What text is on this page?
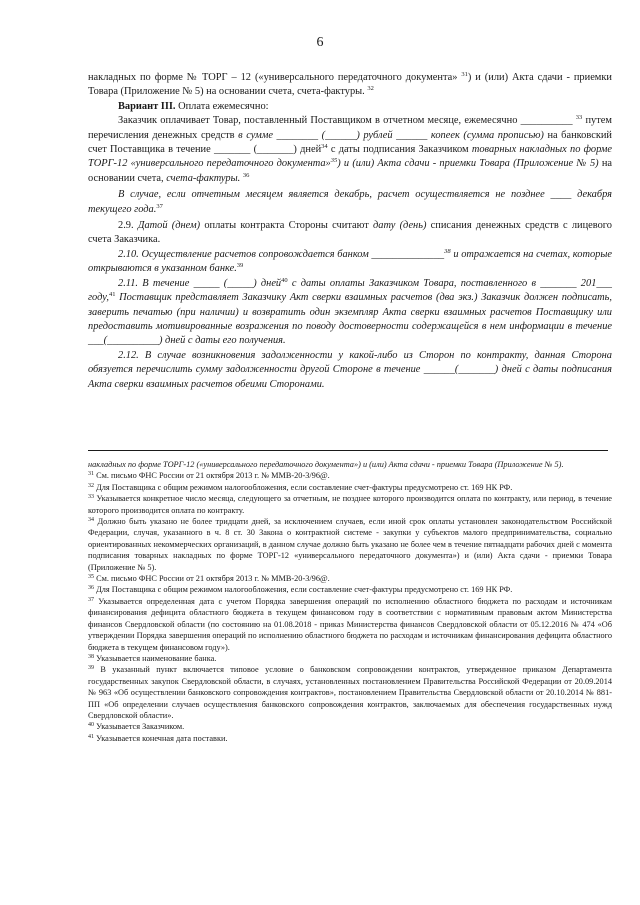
6

накладных по форме № ТОРГ – 12 («универсального передаточного документа» $^{31}$) и (или) Акта сдачи - приемки Товара (Приложение № 5) на основании счета, счета-фактуры. $^{32}$

Вариант III. Оплата ежемесячно:

Заказчик оплачивает Товар, поставленный Поставщиком в отчетном месяце, ежемесячно __________ $^{33}$ путем перечисления денежных средств в сумме ________ (______) рублей ______ копеек (сумма прописью) на банковский счет Поставщика в течение _______ (_______) дней$^{34}$ с даты подписания Заказчиком товарных накладных по форме ТОРГ-12 «универсального передаточного документа»$^{35}$) и (или) Акта сдачи - приемки Товара (Приложение № 5) на основании счета, счета-фактуры. $^{36}$

В случае, если отчетным месяцем является декабрь, расчет осуществляется не позднее ____ декабря текущего года.$^{37}$

2.9. Датой (днем) оплаты контракта Стороны считают дату (день) списания денежных средств с лицевого счета Заказчика.

2.10. Осуществление расчетов сопровождается банком ______________$^{38}$ и отражается на счетах, которые открываются в указанном банке.$^{39}$

2.11. В течение _____ (_____) дней$^{40}$ с даты оплаты Заказчиком Товара, поставленного в _______ 201___ году,$^{41}$ Поставщик представляет Заказчику Акт сверки взаимных расчетов (два экз.) Заказчик должен подписать, заверить печатью (при наличии) и возвратить один экземпляр Акта сверки взаимных расчетов Поставщику или предоставить мотивированные возражения по поводу достоверности содержащейся в нем информации в течение ___(__________) дней с даты его получения.

2.12. В случае возникновения задолженности у какой-либо из Сторон по контракту, данная Сторона обязуется перечислить сумму задолженности другой Стороне в течение ______(_______) дней с даты подписания Акта сверки взаимных расчетов обеими Сторонами.

накладных по форме ТОРГ-12 («универсального передаточного документа») и (или) Акта сдачи - приемки Товара (Приложение № 5).

$^{31}$ См. письмо ФНС России от 21 октября 2013 г. № ММВ-20-3/96@.

$^{32}$ Для Поставщика с общим режимом налогообложения, если составление счет-фактуры предусмотрено ст. 169 НК РФ.

$^{33}$ Указывается конкретное число месяца, следующего за отчетным, не позднее которого производится оплата по контракту, или период, в течение которого производится оплата по контракту.

$^{34}$ Должно быть указано не более тридцати дней, за исключением случаев, если иной срок оплаты установлен законодательством Российской Федерации, случая, указанного в ч. 8 ст. 30 Закона о контрактной системе - закупки у субъектов малого предпринимательства, социально ориентированных некоммерческих организаций, в данном случае должно быть указано не более чем в течение пятнадцати рабочих дней с момента подписания товарных накладных по форме ТОРГ-12 «универсального передаточного документа») и (или) Акта сдачи - приемки Товара (Приложение № 5).

$^{35}$ См. письмо ФНС России от 21 октября 2013 г. № ММВ-20-3/96@.

$^{36}$ Для Поставщика с общим режимом налогообложения, если составление счет-фактуры предусмотрено ст. 169 НК РФ.

$^{37}$ Указывается определенная дата с учетом Порядка завершения операций по исполнению областного бюджета по расходам и источникам финансирования дефицита областного бюджета в текущем финансовом году в соответствии с нормативным правовым актом Министерства финансов Свердловской области (по состоянию на 01.08.2018 - приказ Министерства финансов Свердловской области от 05.12.2016 № 474 «Об утверждении Порядка завершения операций по исполнению областного бюджета по расходам и источникам финансирования дефицита областного бюджета в текущем финансовом году»).

$^{38}$ Указывается наименование банка.

$^{39}$ В указанный пункт включается типовое условие о банковском сопровождении контрактов, утвержденное приказом Департамента государственных закупок Свердловской области, в случаях, установленных постановлением Правительства Российской Федерации от 20.09.2014 № 963 «Об осуществлении банковского сопровождения контрактов», постановлением Правительства Свердловской области от 20.10.2014 № 881-ПП «Об определении случаев осуществления банковского сопровождения контрактов, заключаемых для обеспечения государственных нужд Свердловской области».

$^{40}$ Указывается Заказчиком.

$^{41}$ Указывается конечная дата поставки.
